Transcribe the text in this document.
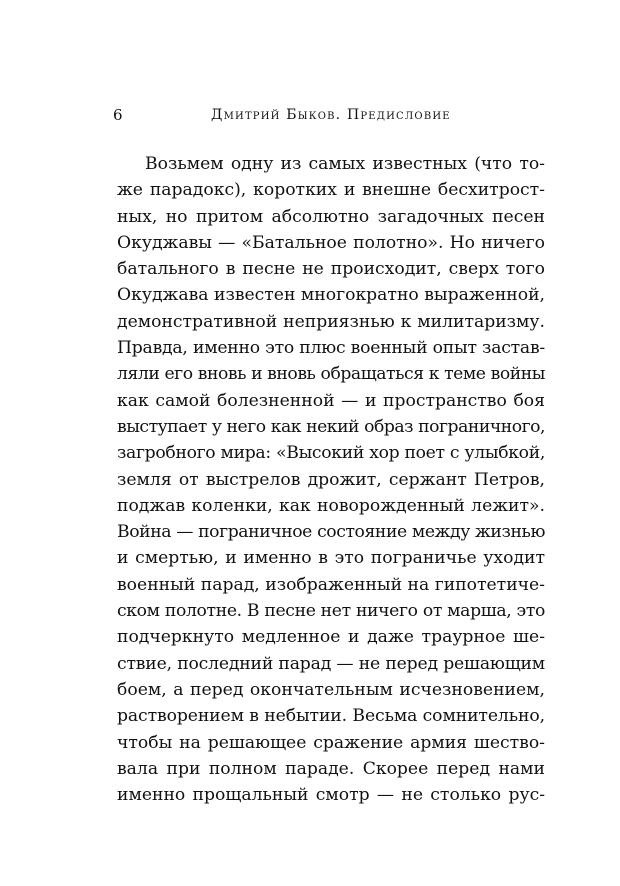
6	Дмитрий Быков. Предисловие
Возьмем одну из самых известных (что то-
же парадокс), коротких и внешне бесхитрост-
ных, но притом абсолютно загадочных песен
Окуджавы — «Батальное полотно». Но ничего
батального в песне не происходит, сверх того
Окуджава известен многократно выраженной,
демонстративной неприязнью к милитаризму.
Правда, именно это плюс военный опыт застав-
ляли его вновь и вновь обращаться к теме войны
как самой болезненной — и пространство боя
выступает у него как некий образ пограничного,
загробного мира: «Высокий хор поет с улыбкой,
земля от выстрелов дрожит, сержант Петров,
поджав коленки, как новорожденный лежит».
Война — пограничное состояние между жизнью
и смертью, и именно в это пограничье уходит
военный парад, изображенный на гипотетиче-
ском полотне. В песне нет ничего от марша, это
подчеркнуто медленное и даже траурное ше-
ствие, последний парад — не перед решающим
боем, а перед окончательным исчезновением,
растворением в небытии. Весьма сомнительно,
чтобы на решающее сражение армия шество-
вала при полном параде. Скорее перед нами
именно прощальный смотр — не столько рус-
